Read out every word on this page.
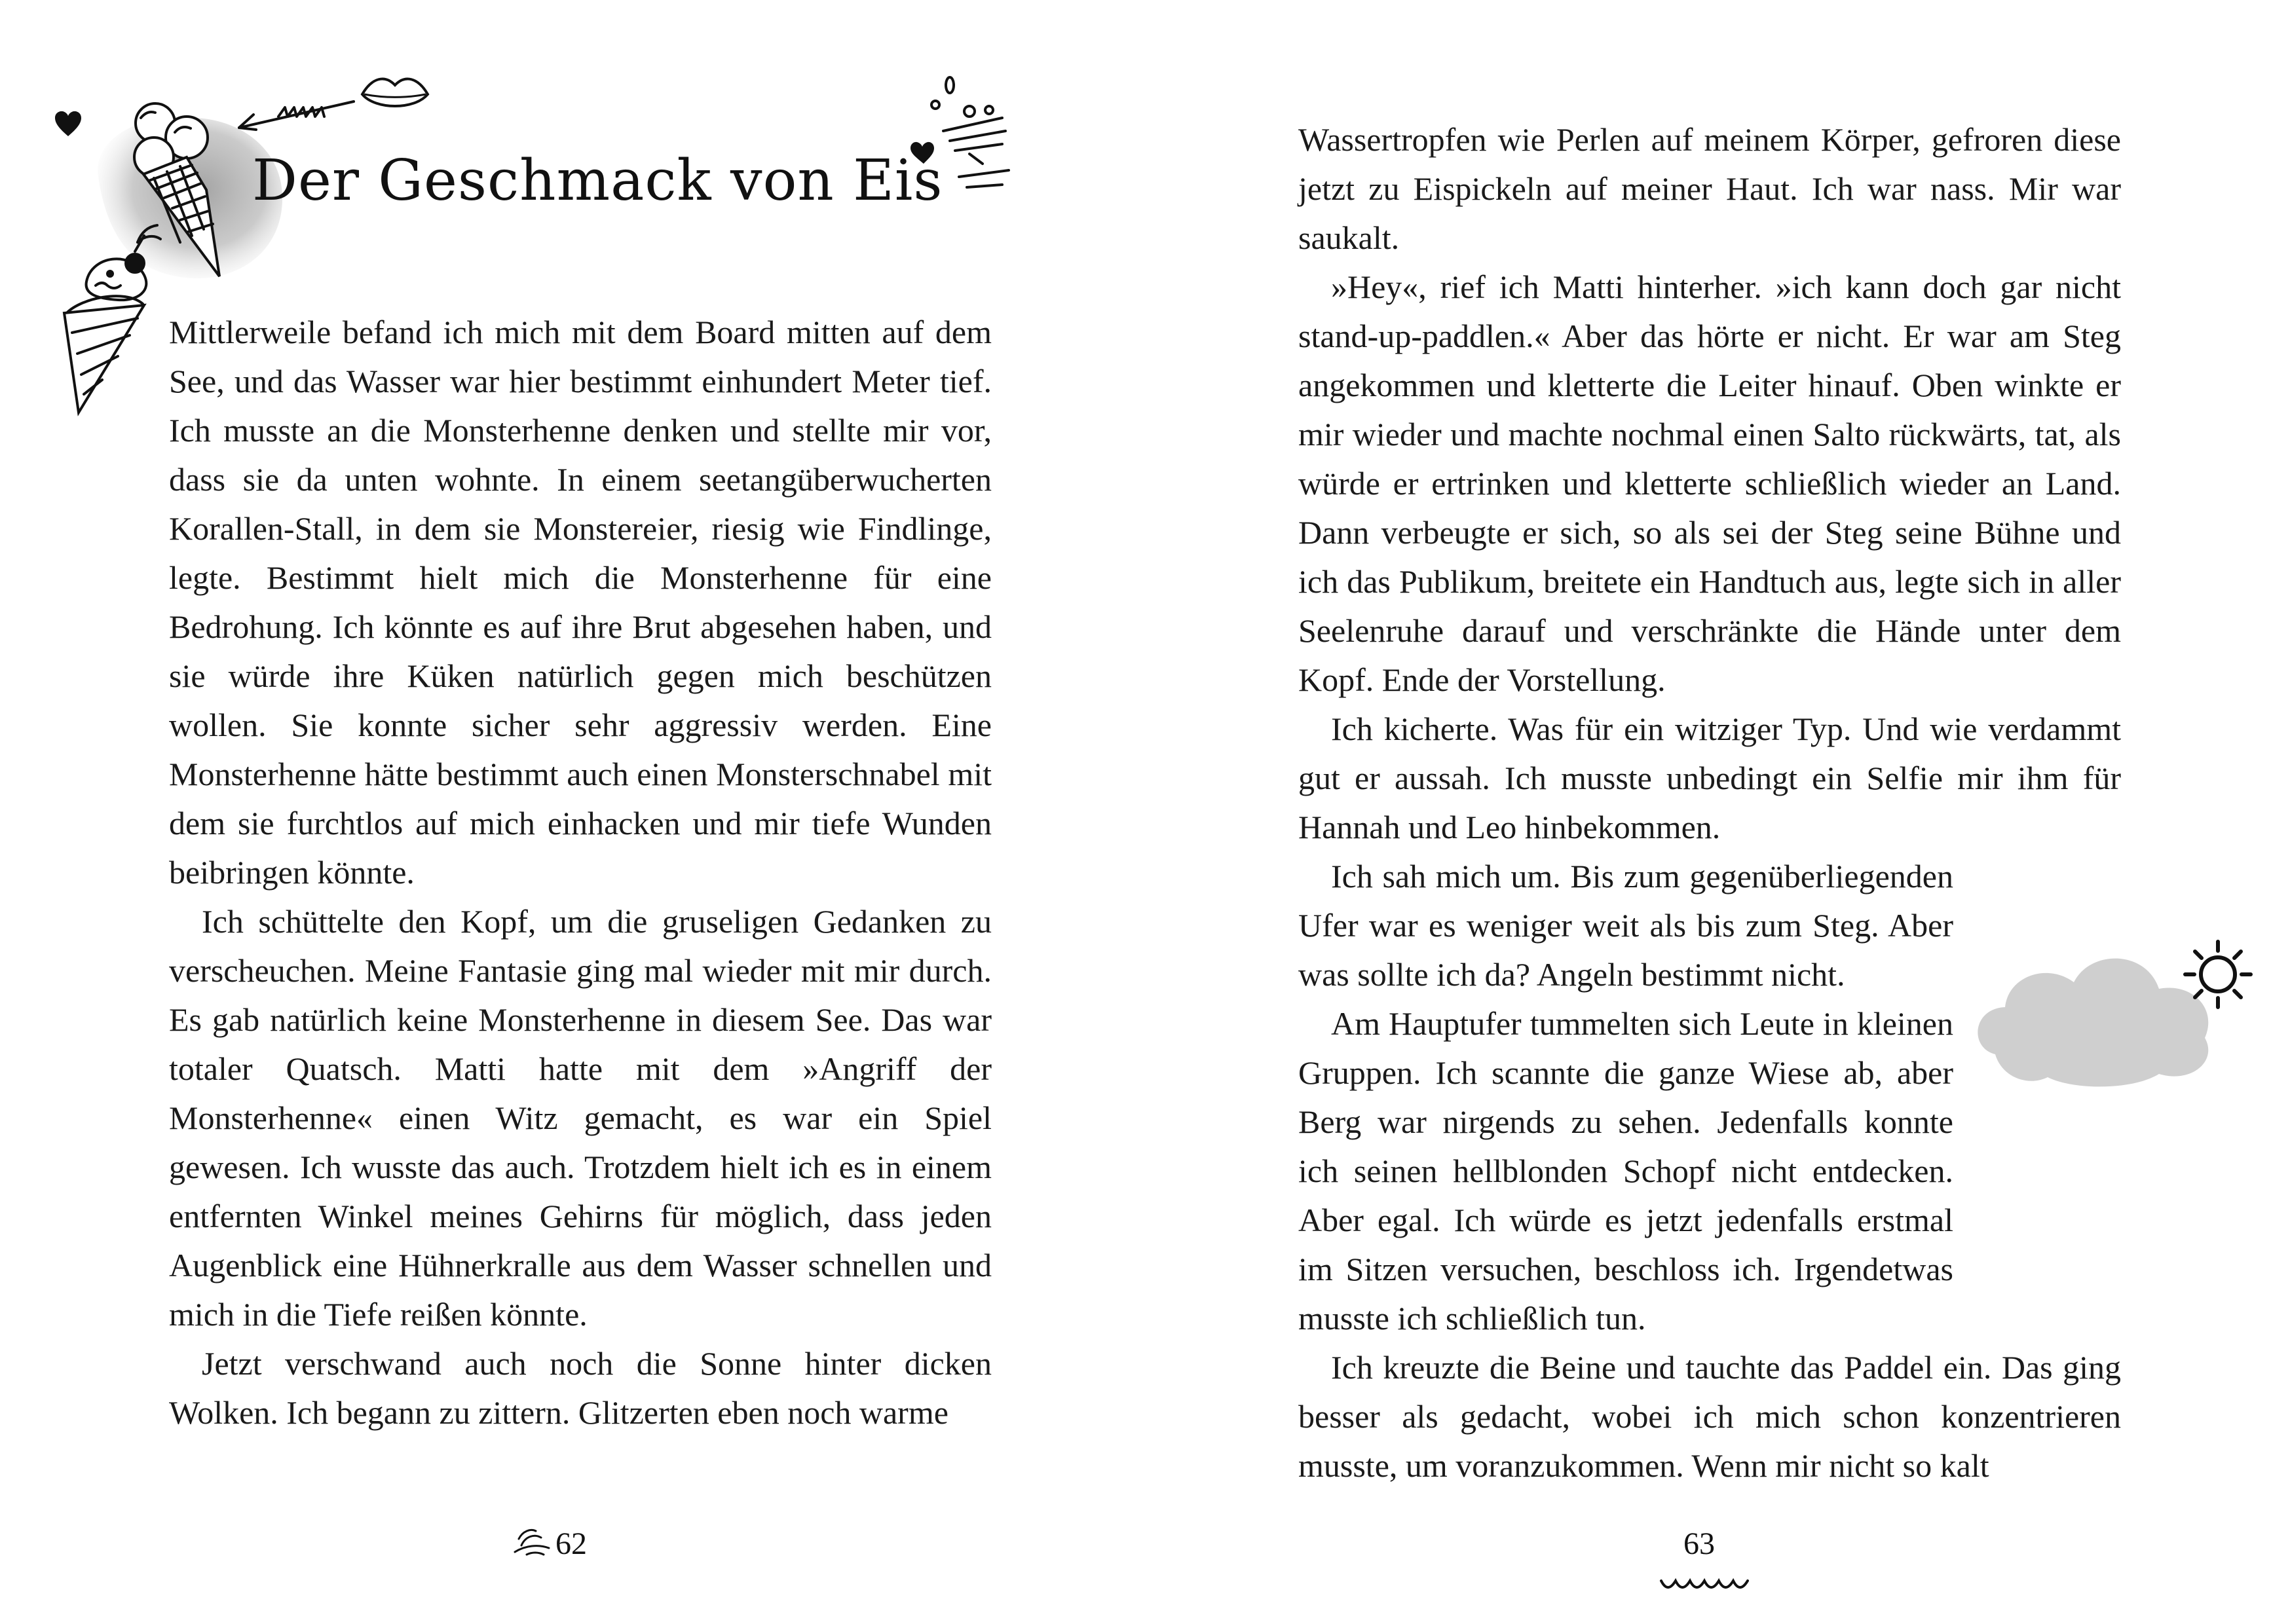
Der Geschmack von Eis

Mittlerweile befand ich mich mit dem Board mitten auf dem See, und das Wasser war hier bestimmt einhundert Meter tief. Ich musste an die Monsterhenne denken und stellte mir vor, dass sie da unten wohnte. In einem seetangüberwucherten Korallen-Stall, in dem sie Monstereier, riesig wie Findlinge, legte. Bestimmt hielt mich die Monsterhenne für eine Bedrohung. Ich könnte es auf ihre Brut abgesehen haben, und sie würde ihre Küken natürlich gegen mich beschützen wollen. Sie konnte sicher sehr aggressiv werden. Eine Monsterhenne hätte bestimmt auch einen Monsterschnabel mit dem sie furchtlos auf mich einhacken und mir tiefe Wunden beibringen könnte.

Ich schüttelte den Kopf, um die gruseligen Gedanken zu verscheuchen. Meine Fantasie ging mal wieder mit mir durch. Es gab natürlich keine Monsterhenne in diesem See. Das war totaler Quatsch. Matti hatte mit dem »Angriff der Monsterhenne« einen Witz gemacht, es war ein Spiel gewesen. Ich wusste das auch. Trotzdem hielt ich es in einem entfernten Winkel meines Gehirns für möglich, dass jeden Augenblick eine Hühnerkralle aus dem Wasser schnellen und mich in die Tiefe reißen könnte.

Jetzt verschwand auch noch die Sonne hinter dicken Wolken. Ich begann zu zittern. Glitzerten eben noch warme

62

Wassertropfen wie Perlen auf meinem Körper, gefroren diese jetzt zu Eispickeln auf meiner Haut. Ich war nass. Mir war saukalt.

»Hey«, rief ich Matti hinterher. »ich kann doch gar nicht stand-up-paddlen.« Aber das hörte er nicht. Er war am Steg angekommen und kletterte die Leiter hinauf. Oben winkte er mir wieder und machte nochmal einen Salto rückwärts, tat, als würde er ertrinken und kletterte schließlich wieder an Land. Dann verbeugte er sich, so als sei der Steg seine Bühne und ich das Publikum, breitete ein Handtuch aus, legte sich in aller Seelenruhe darauf und verschränkte die Hände unter dem Kopf. Ende der Vorstellung.

Ich kicherte. Was für ein witziger Typ. Und wie verdammt gut er aussah. Ich musste unbedingt ein Selfie mir ihm für Hannah und Leo hinbekommen.

Ich sah mich um. Bis zum gegenüberliegenden Ufer war es weniger weit als bis zum Steg. Aber was sollte ich da? Angeln bestimmt nicht.

Am Hauptufer tummelten sich Leute in kleinen Gruppen. Ich scannte die ganze Wiese ab, aber Berg war nirgends zu sehen. Jedenfalls konnte ich seinen hellblonden Schopf nicht entdecken. Aber egal. Ich würde es jetzt jedenfalls erstmal im Sitzen versuchen, beschloss ich. Irgendetwas musste ich schließlich tun.

Ich kreuzte die Beine und tauchte das Paddel ein. Das ging besser als gedacht, wobei ich mich schon konzentrieren musste, um voranzukommen. Wenn mir nicht so kalt

63
